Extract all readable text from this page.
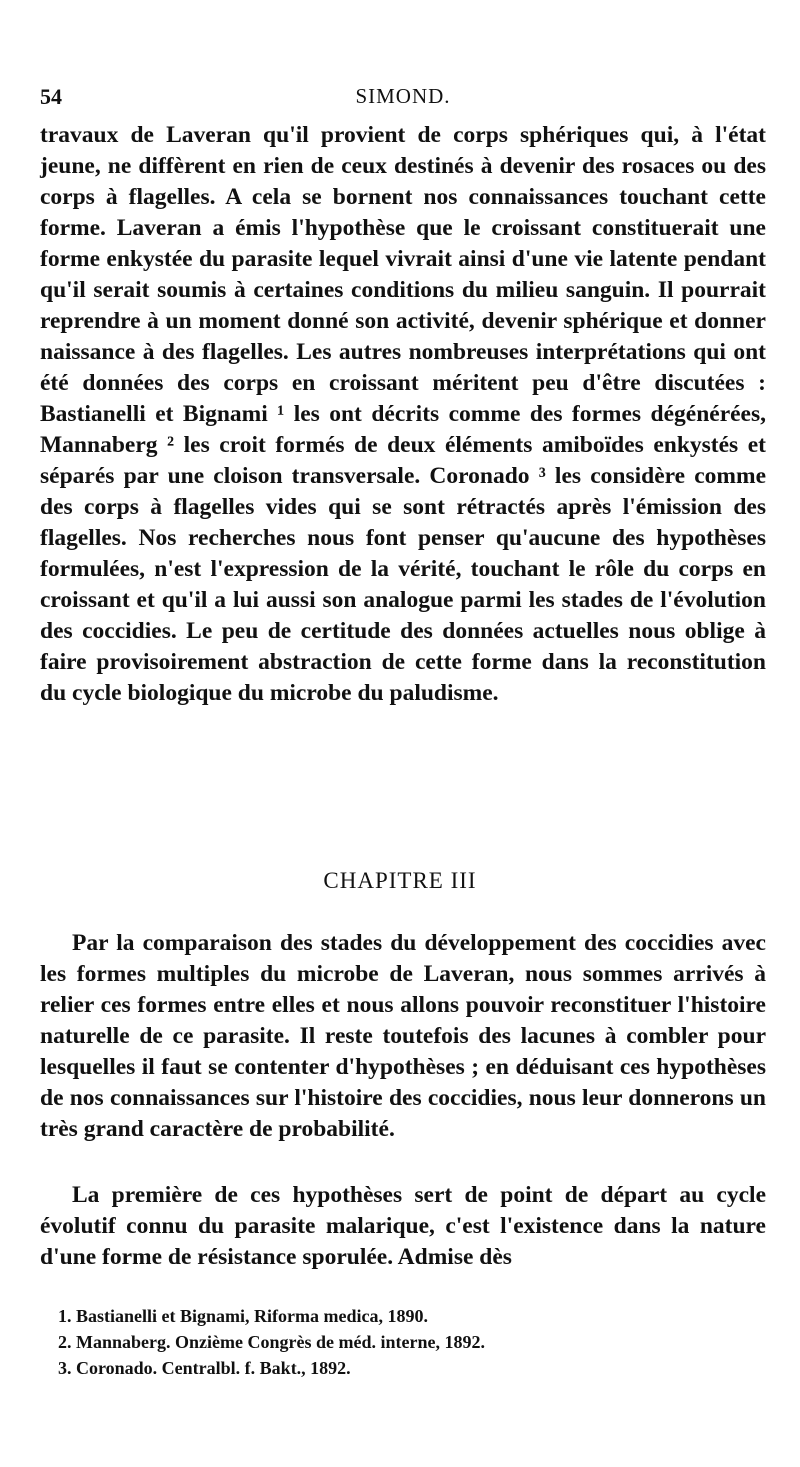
54	SIMOND.

travaux de Laveran qu'il provient de corps sphériques qui, à l'état jeune, ne diffèrent en rien de ceux destinés à devenir des rosaces ou des corps à flagelles. A cela se bornent nos connaissances touchant cette forme. Laveran a émis l'hypothèse que le croissant constituerait une forme enkystée du parasite lequel vivrait ainsi d'une vie latente pendant qu'il serait soumis à certaines conditions du milieu sanguin. Il pourrait reprendre à un moment donné son activité, devenir sphérique et donner naissance à des flagelles. Les autres nombreuses interprétations qui ont été données des corps en croissant méritent peu d'être discutées : Bastianelli et Bignami ¹ les ont décrits comme des formes dégénérées, Mannaberg ² les croit formés de deux éléments amiboïdes enkystés et séparés par une cloison transversale. Coronado ³ les considère comme des corps à flagelles vides qui se sont rétractés après l'émission des flagelles. Nos recherches nous font penser qu'aucune des hypothèses formulées, n'est l'expression de la vérité, touchant le rôle du corps en croissant et qu'il a lui aussi son analogue parmi les stades de l'évolution des coccidies. Le peu de certitude des données actuelles nous oblige à faire provisoirement abstraction de cette forme dans la reconstitution du cycle biologique du microbe du paludisme.

CHAPITRE III

Par la comparaison des stades du développement des coccidies avec les formes multiples du microbe de Laveran, nous sommes arrivés à relier ces formes entre elles et nous allons pouvoir reconstituer l'histoire naturelle de ce parasite. Il reste toutefois des lacunes à combler pour lesquelles il faut se contenter d'hypothèses ; en déduisant ces hypothèses de nos connaissances sur l'histoire des coccidies, nous leur donnerons un très grand caractère de probabilité.

La première de ces hypothèses sert de point de départ au cycle évolutif connu du parasite malarique, c'est l'existence dans la nature d'une forme de résistance sporulée. Admise dès

1. Bastianelli et Bignami, Riforma medica, 1890.
2. Mannaberg. Onzième Congrès de méd. interne, 1892.
3. Coronado. Centralbl. f. Bakt., 1892.
